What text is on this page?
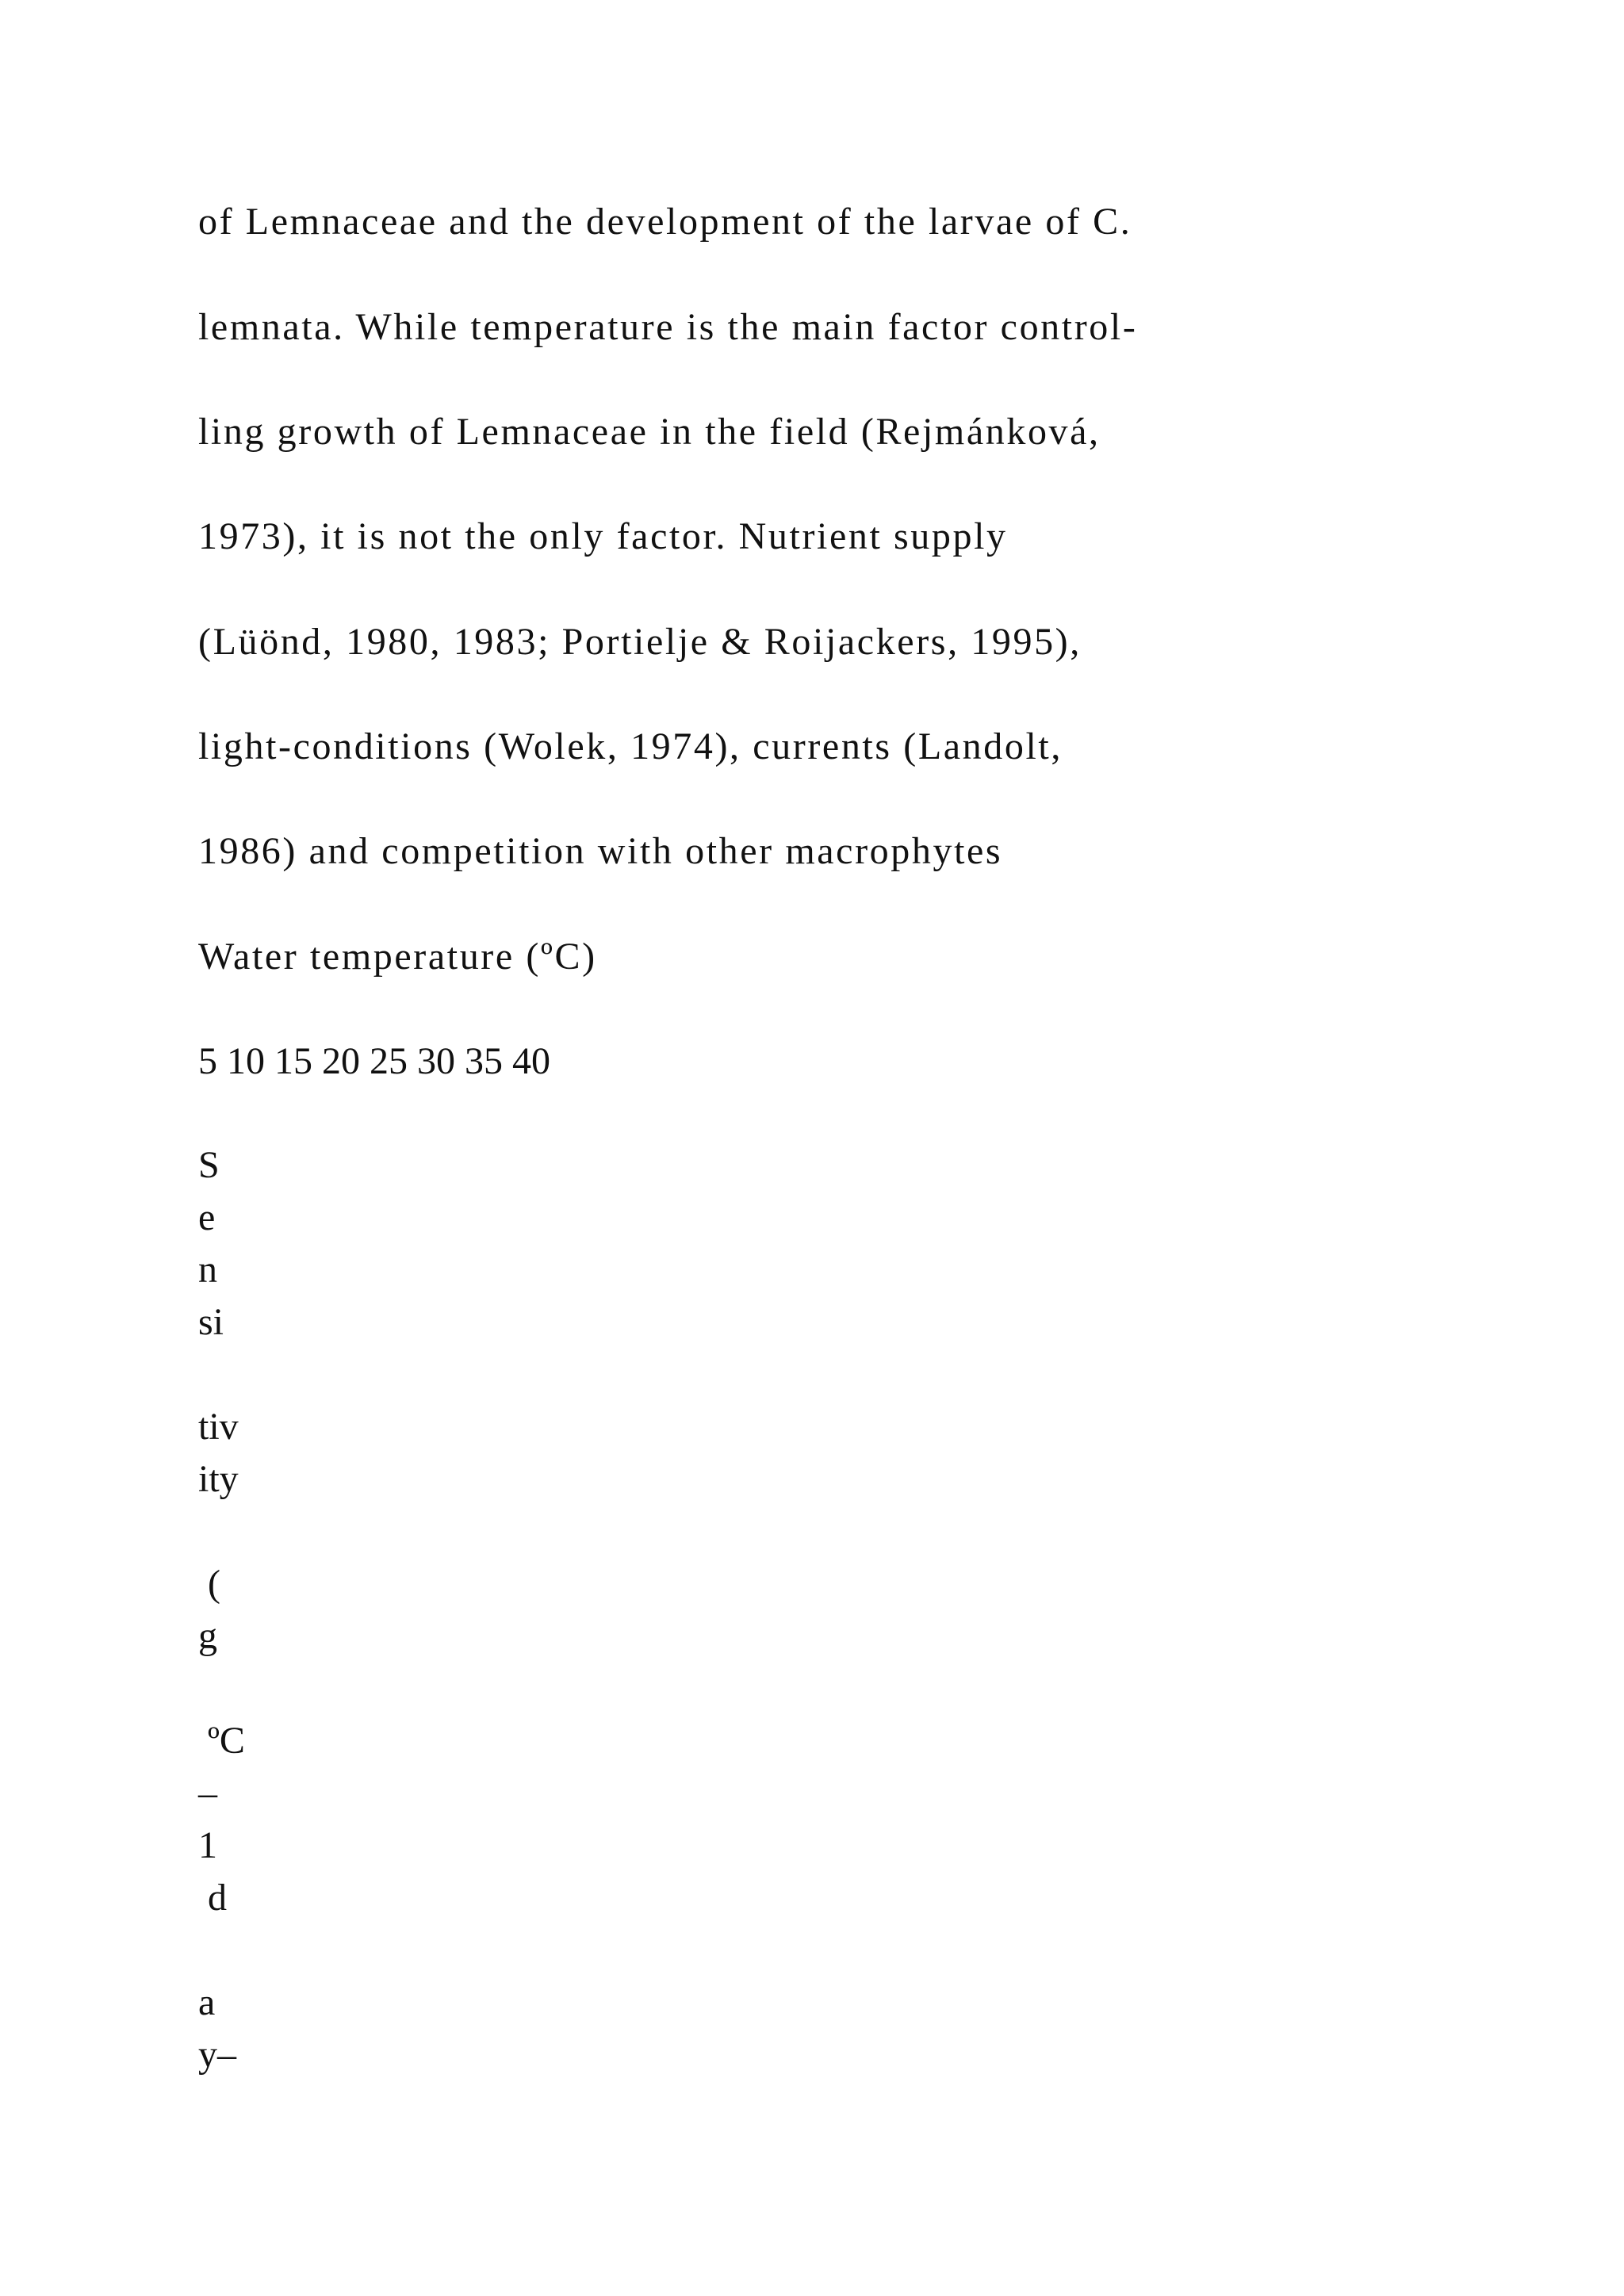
of Lemnaceae and the development of the larvae of C.
lemnata. While temperature is the main factor control-
ling growth of Lemnaceae in the field (Rejmánková,
1973), it is not the only factor. Nutrient supply
(Lüönd, 1980, 1983; Portielje & Roijackers, 1995),
light-conditions (Wolek, 1974), currents (Landolt,
1986) and competition with other macrophytes
Water temperature (ºC)
5 10 15 20 25 30 35 40
S
e
n
si
tiv
ity
(
g
ºC
–
1
d
a
y–
